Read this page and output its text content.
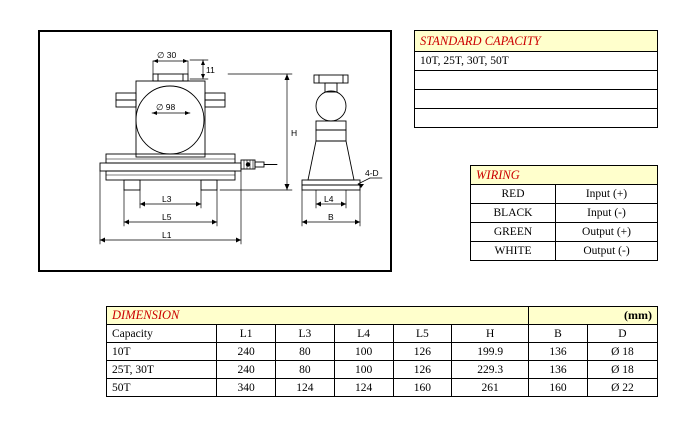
∅ 30
∅ 98
11
H
L3
L5
L1
L4
B
4-D
STANDARD CAPACITY
10T, 25T, 30T, 50T

WIRING	
RED	Input (+)
BLACK	Input (-)
GREEN	Output (+)
WHITE	Output (-)
DIMENSION						(mm)	
Capacity	L1	L3	L4	L5	H	B	D
10T	240	80	100	126	199.9	136	Ø 18
25T, 30T	240	80	100	126	229.3	136	Ø 18
50T	340	124	124	160	261	160	Ø 22
